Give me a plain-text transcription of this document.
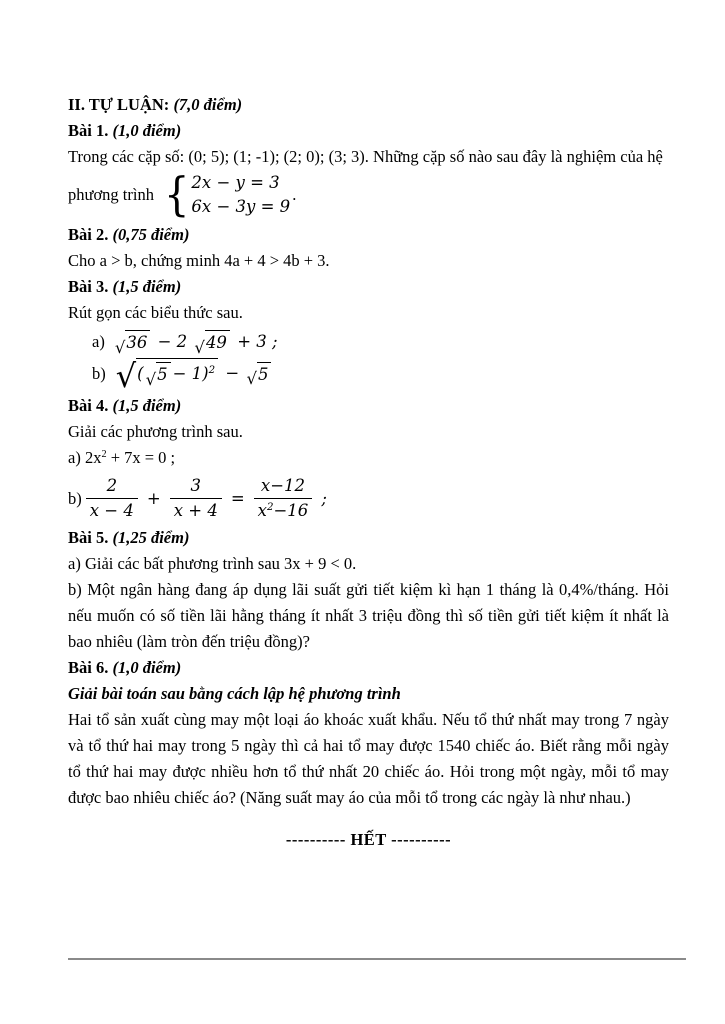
II. TỰ LUẬN: (7,0 điểm)

Bài 1. (1,0 điểm)

Trong các cặp số: (0; 5); (1; -1); (2; 0); (3; 3). Những cặp số nào sau đây là nghiệm của hệ

phương trình { 2x − y = 3
6x − 3y = 9
.

Bài 2. (0,75 điểm)

Cho a > b, chứng minh 4a + 4 > 4b + 3.

Bài 3. (1,5 điểm)

Rút gọn các biểu thức sau.

a) √ 36 − 2 √ 49 + 3 ;
b) √ ( √ 5 − 1)$^2$ − √ 5

Bài 4. (1,5 điểm)

Giải các phương trình sau.

a) $2x^2 + 7x = 0$ ;

$b) \frac{2}{x - 4} + \frac{3}{x + 4} = \frac{x-12}{x^2-16}$ ;

Bài 5. (1,25 điểm)

a) Giải các bất phương trình sau 3x + 9 < 0.

b) Một ngân hàng đang áp dụng lãi suất gửi tiết kiệm kì hạn 1 tháng là 0,4%/tháng. Hỏi nếu muốn có số tiền lãi hằng tháng ít nhất 3 triệu đồng thì số tiền gửi tiết kiệm ít nhất là bao nhiêu (làm tròn đến triệu đồng)?

Bài 6. (1,0 điểm)

Giải bài toán sau bằng cách lập hệ phương trình

Hai tổ sản xuất cùng may một loại áo khoác xuất khẩu. Nếu tổ thứ nhất may trong 7 ngày và tổ thứ hai may trong 5 ngày thì cả hai tổ may được 1540 chiếc áo. Biết rằng mỗi ngày tổ thứ hai may được nhiều hơn tổ thứ nhất 20 chiếc áo. Hỏi trong một ngày, mỗi tổ may được bao nhiêu chiếc áo? (Năng suất may áo của mỗi tổ trong các ngày là như nhau.)

---------- HẾT ----------
